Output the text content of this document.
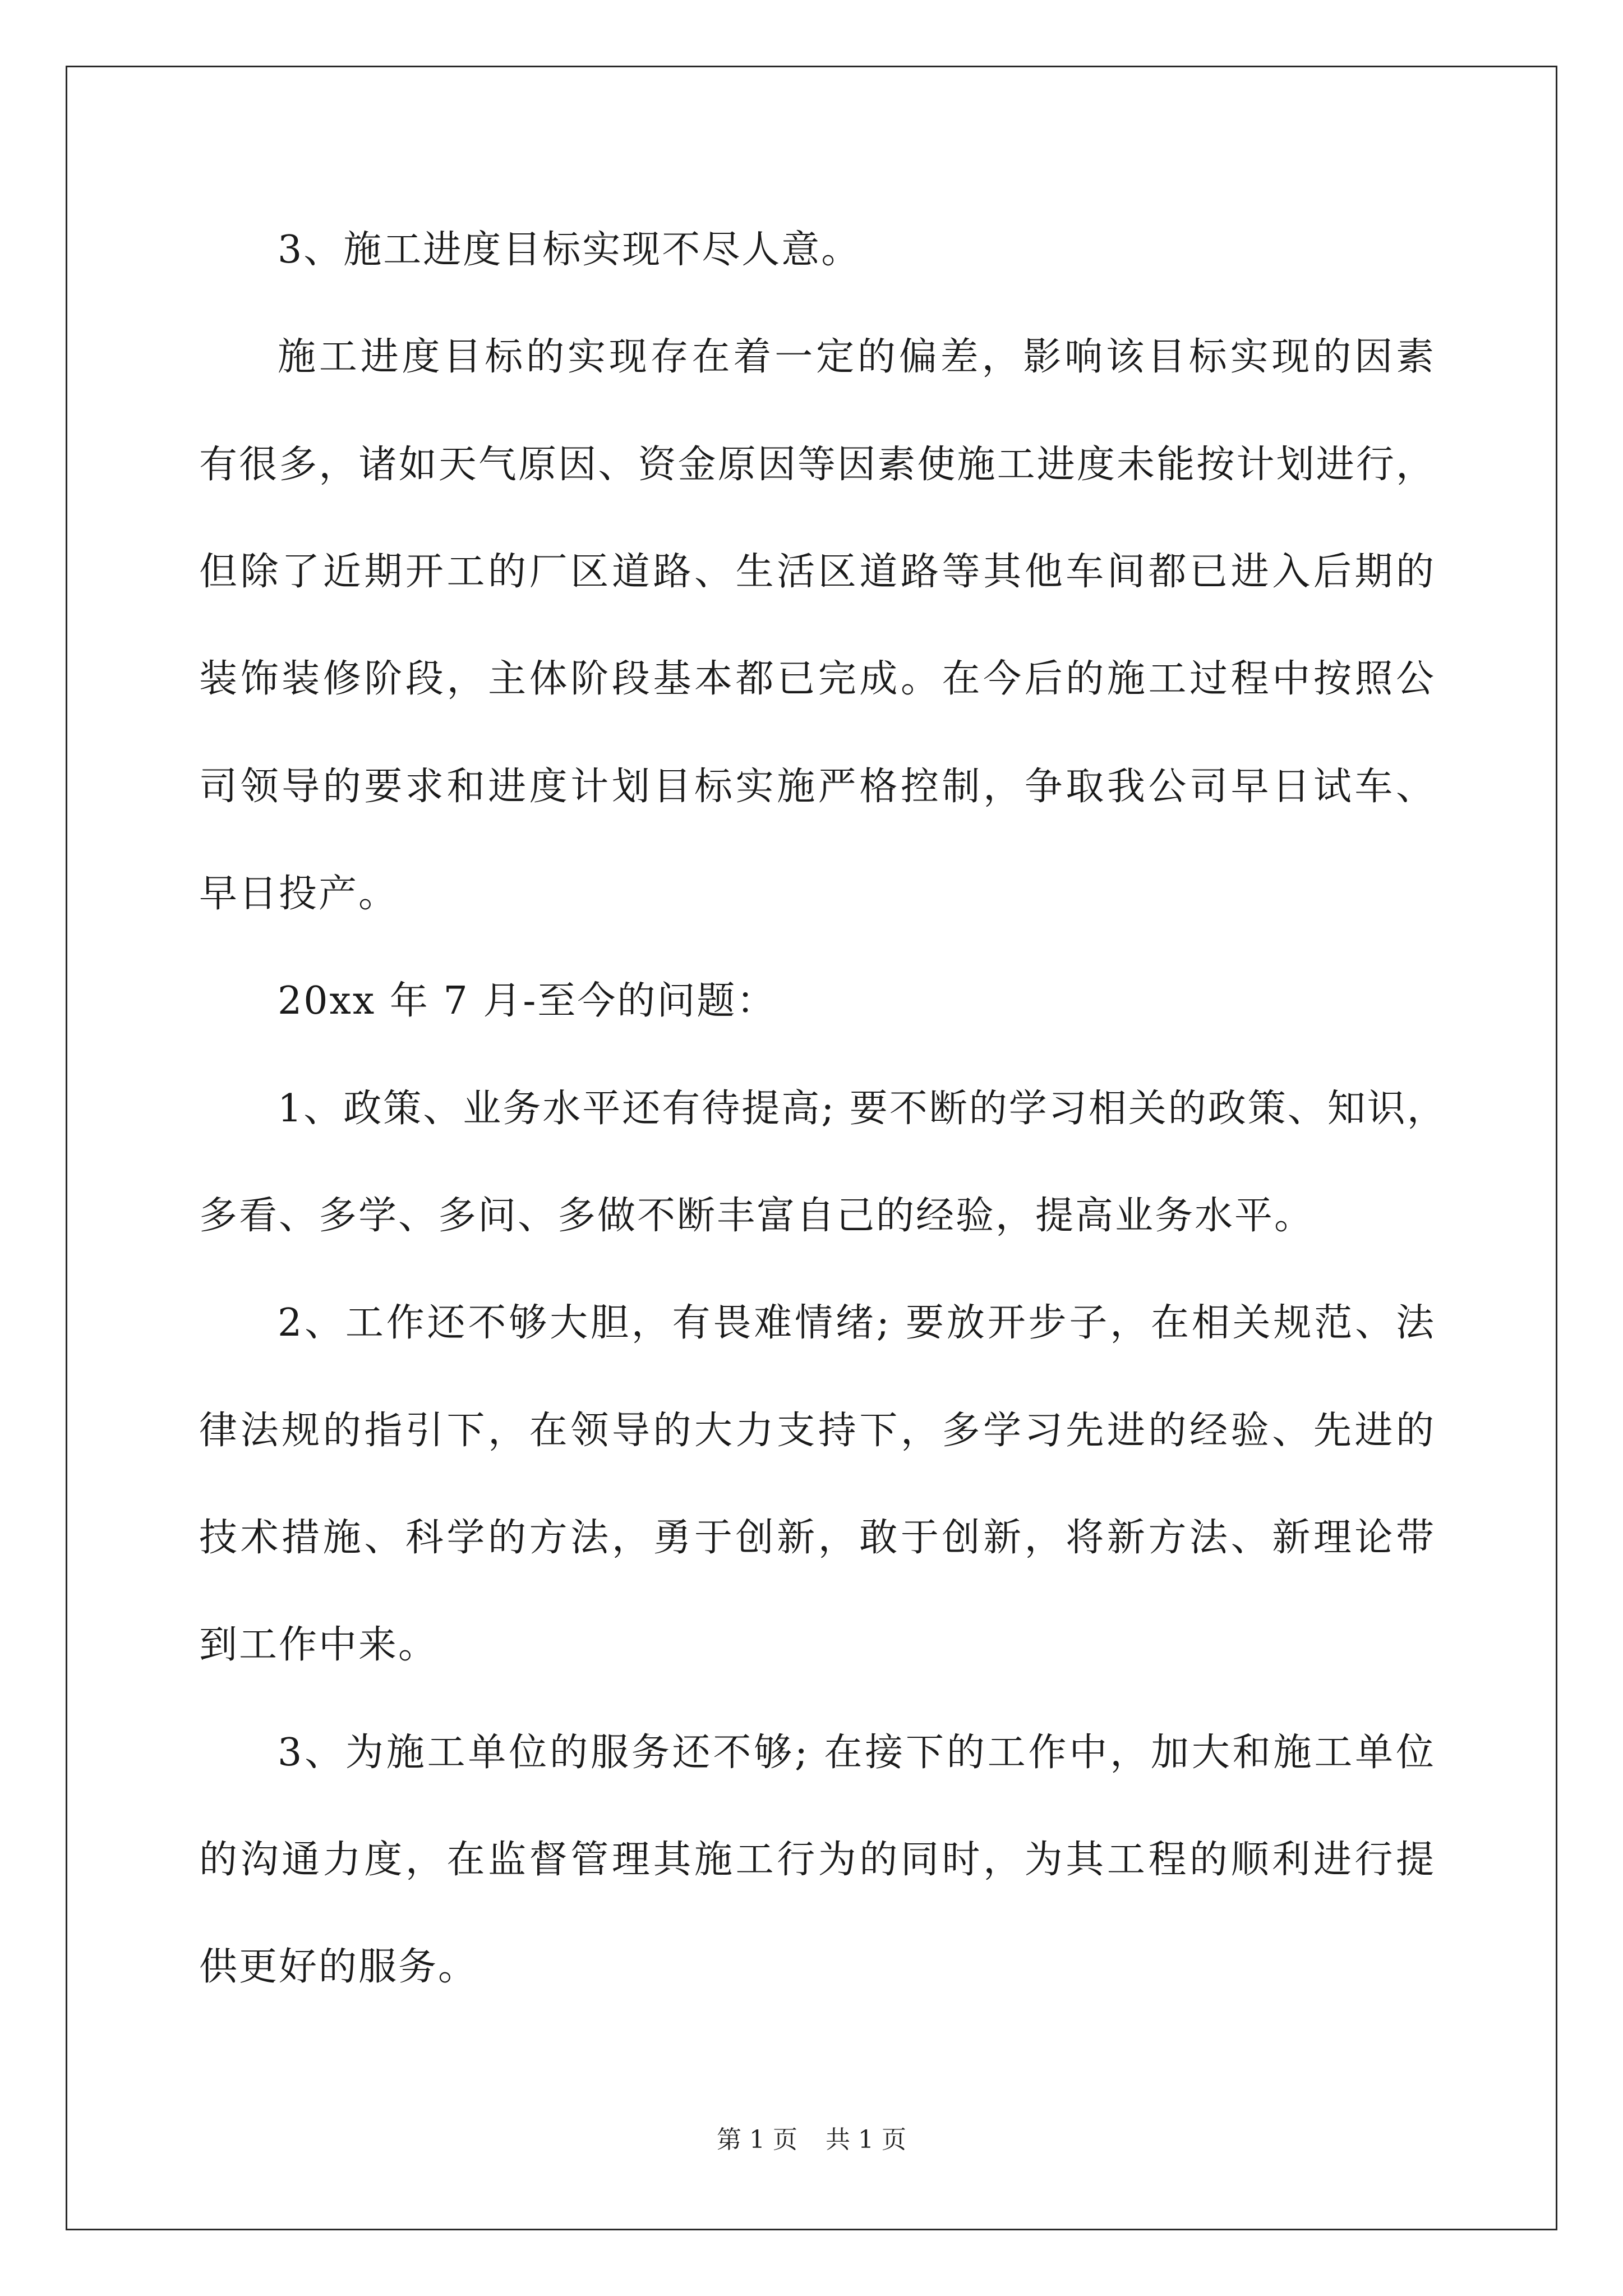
3、施工进度目标实现不尽人意。
施工进度目标的实现存在着一定的偏差，影响该目标实现的因素
有很多，诸如天气原因、资金原因等因素使施工进度未能按计划进行，
但除了近期开工的厂区道路、生活区道路等其他车间都已进入后期的
装饰装修阶段，主体阶段基本都已完成。在今后的施工过程中按照公
司领导的要求和进度计划目标实施严格控制，争取我公司早日试车、
早日投产。
20xx 年 7 月-至今的问题：
1、政策、业务水平还有待提高; 要不断的学习相关的政策、知识，
多看、多学、多问、多做不断丰富自己的经验，提高业务水平。
2、工作还不够大胆，有畏难情绪; 要放开步子，在相关规范、法
律法规的指引下，在领导的大力支持下，多学习先进的经验、先进的
技术措施、科学的方法，勇于创新，敢于创新，将新方法、新理论带
到工作中来。
3、为施工单位的服务还不够; 在接下的工作中，加大和施工单位
的沟通力度，在监督管理其施工行为的同时，为其工程的顺利进行提
供更好的服务。
第 1 页 共 1 页
